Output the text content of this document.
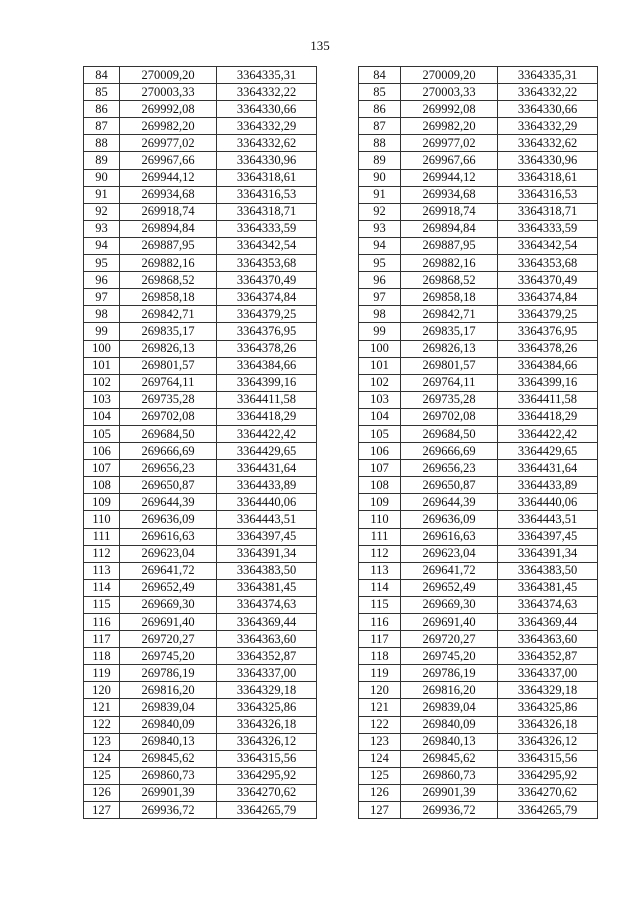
135
84	270009,20	3364335,31
85	270003,33	3364332,22
86	269992,08	3364330,66
87	269982,20	3364332,29
88	269977,02	3364332,62
89	269967,66	3364330,96
90	269944,12	3364318,61
91	269934,68	3364316,53
92	269918,74	3364318,71
93	269894,84	3364333,59
94	269887,95	3364342,54
95	269882,16	3364353,68
96	269868,52	3364370,49
97	269858,18	3364374,84
98	269842,71	3364379,25
99	269835,17	3364376,95
100	269826,13	3364378,26
101	269801,57	3364384,66
102	269764,11	3364399,16
103	269735,28	3364411,58
104	269702,08	3364418,29
105	269684,50	3364422,42
106	269666,69	3364429,65
107	269656,23	3364431,64
108	269650,87	3364433,89
109	269644,39	3364440,06
110	269636,09	3364443,51
111	269616,63	3364397,45
112	269623,04	3364391,34
113	269641,72	3364383,50
114	269652,49	3364381,45
115	269669,30	3364374,63
116	269691,40	3364369,44
117	269720,27	3364363,60
118	269745,20	3364352,87
119	269786,19	3364337,00
120	269816,20	3364329,18
121	269839,04	3364325,86
122	269840,09	3364326,18
123	269840,13	3364326,12
124	269845,62	3364315,56
125	269860,73	3364295,92
126	269901,39	3364270,62
127	269936,72	3364265,79
84	270009,20	3364335,31
85	270003,33	3364332,22
86	269992,08	3364330,66
87	269982,20	3364332,29
88	269977,02	3364332,62
89	269967,66	3364330,96
90	269944,12	3364318,61
91	269934,68	3364316,53
92	269918,74	3364318,71
93	269894,84	3364333,59
94	269887,95	3364342,54
95	269882,16	3364353,68
96	269868,52	3364370,49
97	269858,18	3364374,84
98	269842,71	3364379,25
99	269835,17	3364376,95
100	269826,13	3364378,26
101	269801,57	3364384,66
102	269764,11	3364399,16
103	269735,28	3364411,58
104	269702,08	3364418,29
105	269684,50	3364422,42
106	269666,69	3364429,65
107	269656,23	3364431,64
108	269650,87	3364433,89
109	269644,39	3364440,06
110	269636,09	3364443,51
111	269616,63	3364397,45
112	269623,04	3364391,34
113	269641,72	3364383,50
114	269652,49	3364381,45
115	269669,30	3364374,63
116	269691,40	3364369,44
117	269720,27	3364363,60
118	269745,20	3364352,87
119	269786,19	3364337,00
120	269816,20	3364329,18
121	269839,04	3364325,86
122	269840,09	3364326,18
123	269840,13	3364326,12
124	269845,62	3364315,56
125	269860,73	3364295,92
126	269901,39	3364270,62
127	269936,72	3364265,79
